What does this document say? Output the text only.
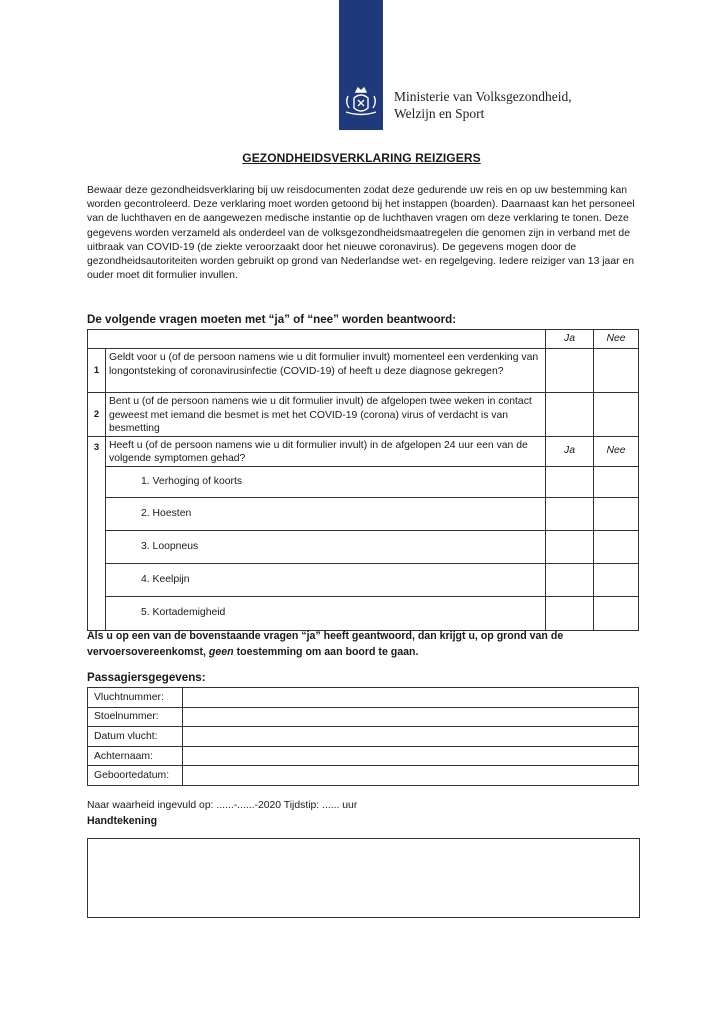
Ministerie van Volksgezondheid,
Welzijn en Sport
GEZONDHEIDSVERKLARING REIZIGERS
Bewaar deze gezondheidsverklaring bij uw reisdocumenten zodat deze gedurende uw reis en op uw bestemming kan worden gecontroleerd. Deze verklaring moet worden getoond bij het instappen (boarden). Daarnaast kan het personeel van de luchthaven en de aangewezen medische instantie op de luchthaven vragen om deze verklaring te tonen. Deze gegevens worden verzameld als onderdeel van de volksgezondheidsmaatregelen die genomen zijn in verband met de uitbraak van COVID-19 (de ziekte veroorzaakt door het nieuwe coronavirus). De gegevens mogen door de gezondheidsautoriteiten worden gebruikt op grond van Nederlandse wet- en regelgeving. Iedere reiziger van 13 jaar en ouder moet dit formulier invullen.
De volgende vragen moeten met “ja” of “nee” worden beantwoord:
		Ja	Nee
1	Geldt voor u (of de persoon namens wie u dit formulier invult) momenteel een verdenking van longontsteking of coronavirusinfectie (COVID-19) of heeft u deze diagnose gekregen?		
2	Bent u (of de persoon namens wie u dit formulier invult) de afgelopen twee weken in contact geweest met iemand die besmet is met het COVID-19 (corona) virus of verdacht is van besmetting		
3	Heeft u (of de persoon namens wie u dit formulier invult) in de afgelopen 24 uur een van de volgende symptomen gehad?	Ja	Nee
	1. Verhoging of koorts		
	2. Hoesten		
	3. Loopneus		
	4. Keelpijn		
	5. Kortademigheid		
Als u op een van de bovenstaande vragen “ja” heeft geantwoord, dan krijgt u, op grond van de vervoersovereenkomst, geen toestemming om aan boord te gaan.
Passagiersgegevens:
Vluchtnummer:	
Stoelnummer:	
Datum vlucht:	
Achternaam:	
Geboortedatum:	
Naar waarheid ingevuld op: ......-......-2020 Tijdstip: ...... uur
Handtekening
